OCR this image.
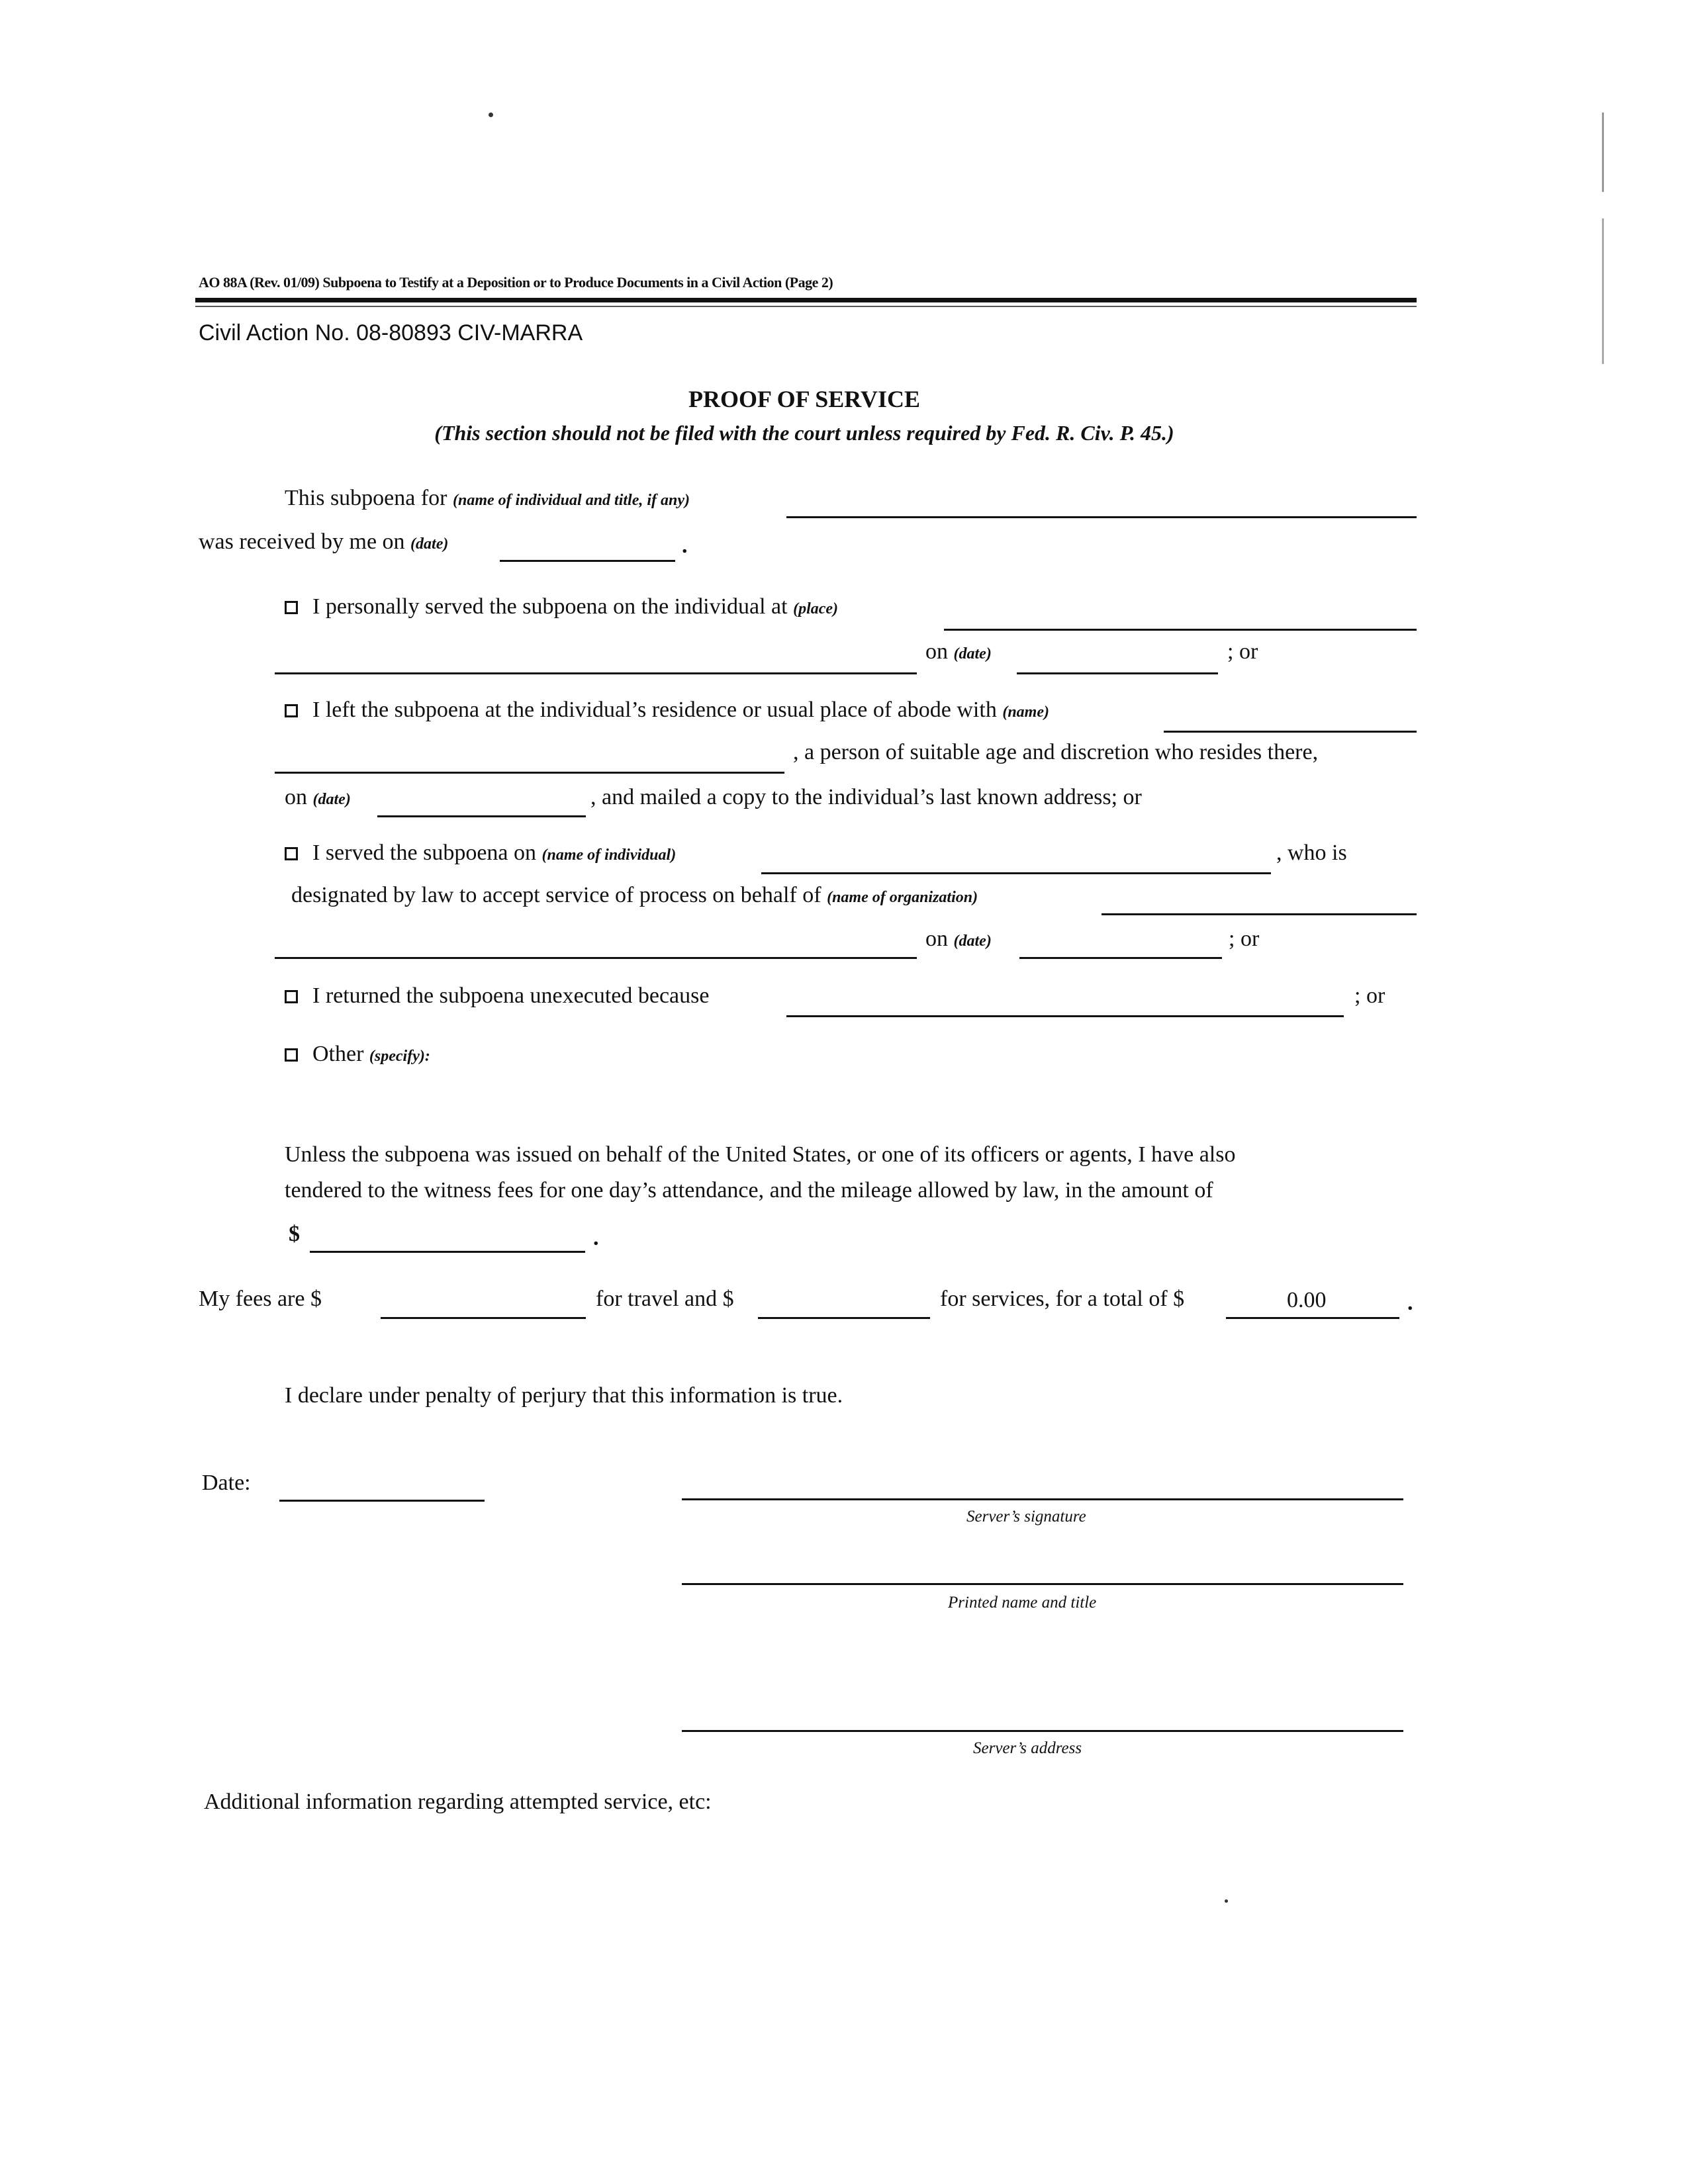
AO 88A (Rev. 01/09) Subpoena to Testify at a Deposition or to Produce Documents in a Civil Action (Page 2)
Civil Action No. 08-80893 CIV-MARRA
PROOF OF SERVICE
(This section should not be filed with the court unless required by Fed. R. Civ. P. 45.)
This subpoena for (name of individual and title, if any)
was received by me on (date)	.
I personally served the subpoena on the individual at (place)
on (date)	; or
I left the subpoena at the individual’s residence or usual place of abode with (name)
, a person of suitable age and discretion who resides there,
on (date)	, and mailed a copy to the individual’s last known address; or
I served the subpoena on (name of individual)	, who is
designated by law to accept service of process on behalf of (name of organization)
on (date)	; or
I returned the subpoena unexecuted because	; or
Other (specify):
Unless the subpoena was issued on behalf of the United States, or one of its officers or agents, I have also
tendered to the witness fees for one day’s attendance, and the mileage allowed by law, in the amount of
$	.
My fees are $	for travel and $	for services, for a total of $	0.00	.
I declare under penalty of perjury that this information is true.
Date:
Server’s signature
Printed name and title
Server’s address
Additional information regarding attempted service, etc:
